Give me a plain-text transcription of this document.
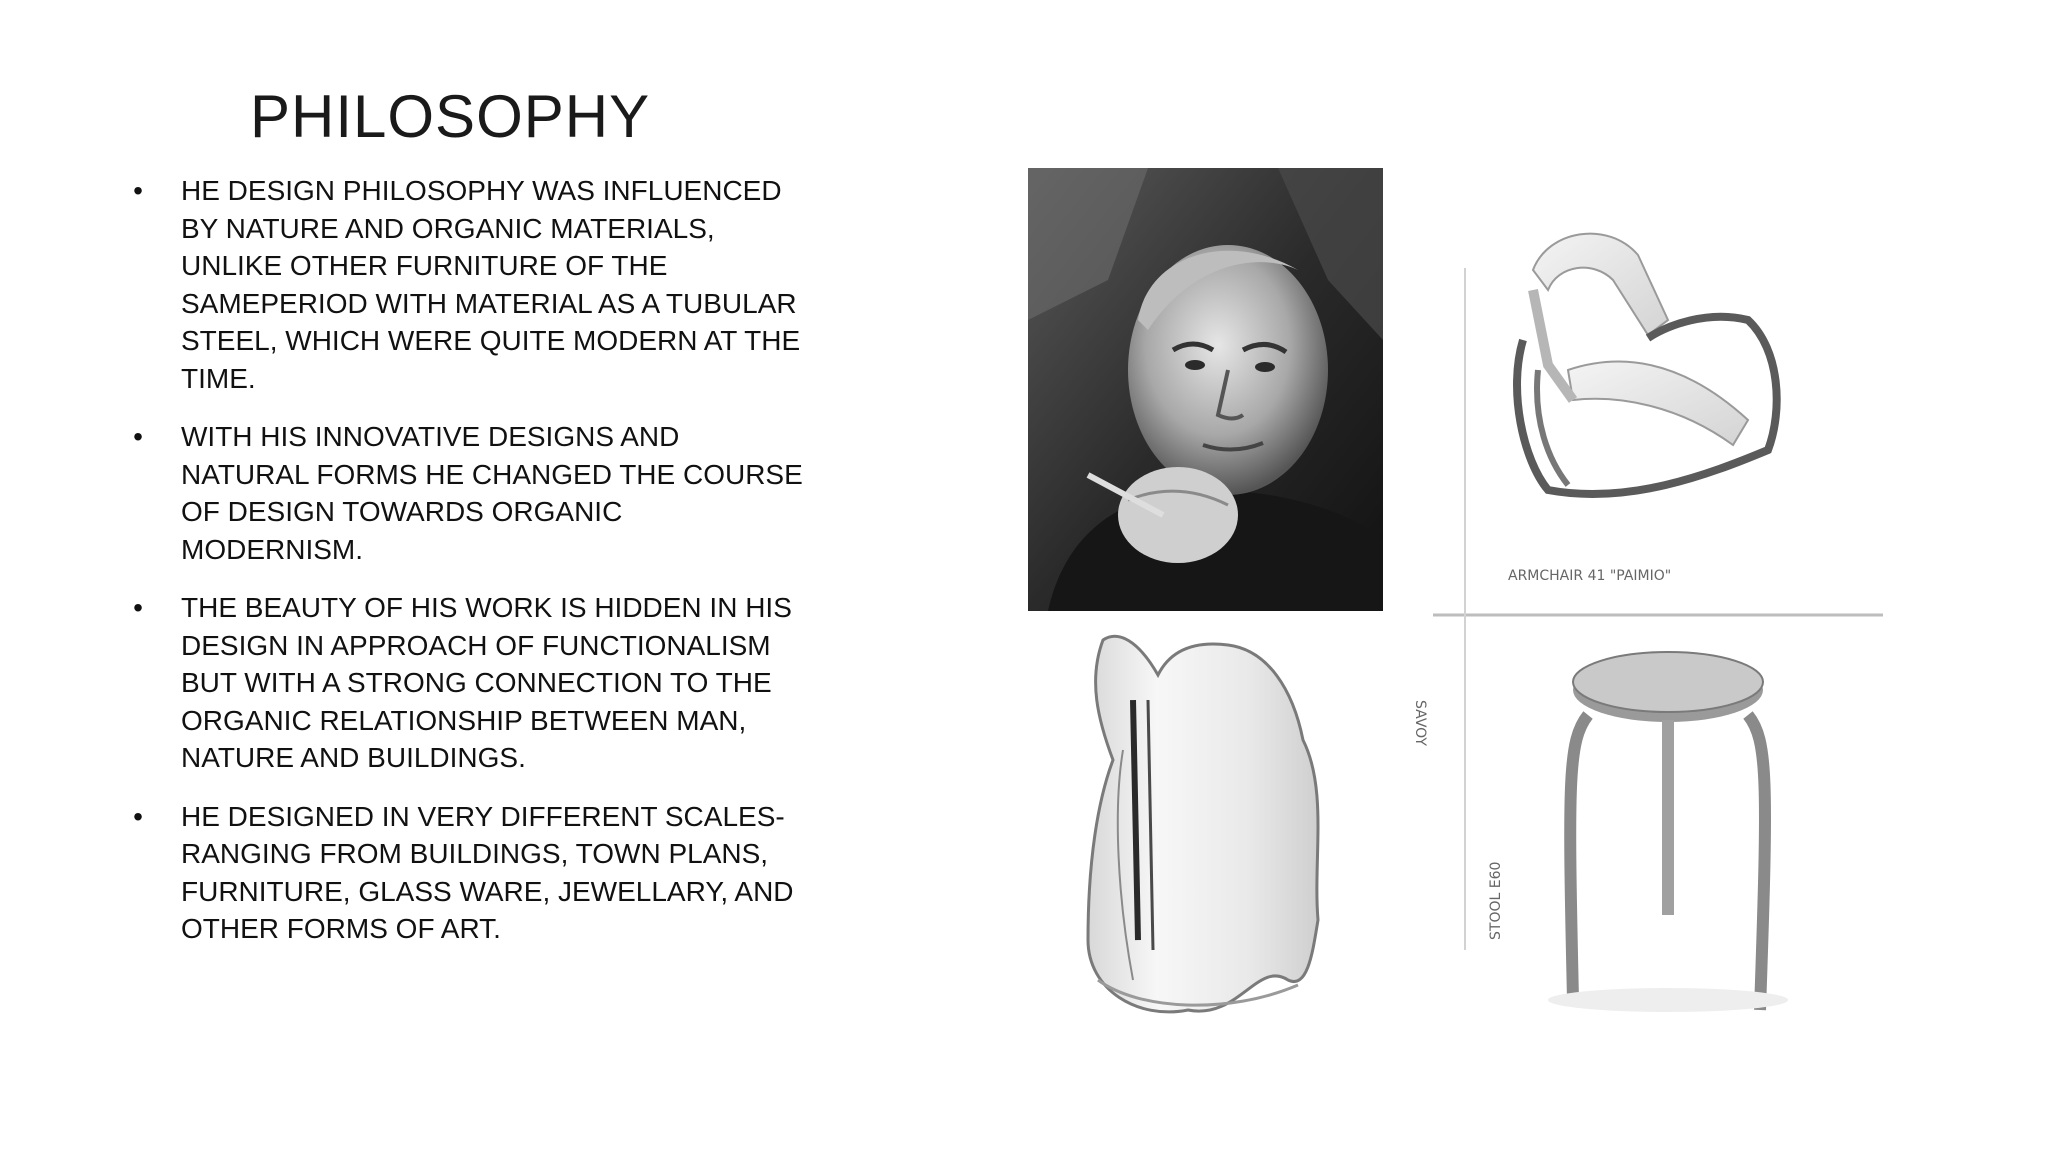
PHILOSOPHY
• HE DESIGN PHILOSOPHY WAS INFLUENCED
BY NATURE AND ORGANIC MATERIALS,
UNLIKE OTHER FURNITURE OF THE
SAMEPERIOD WITH MATERIAL AS A TUBULAR
STEEL, WHICH WERE QUITE MODERN AT THE
TIME.
• WITH HIS INNOVATIVE DESIGNS AND
NATURAL FORMS HE CHANGED THE COURSE
OF DESIGN TOWARDS ORGANIC
MODERNISM.
• THE BEAUTY OF HIS WORK IS HIDDEN IN HIS
DESIGN IN APPROACH OF FUNCTIONALISM
BUT WITH A STRONG CONNECTION TO THE
ORGANIC RELATIONSHIP BETWEEN MAN,
NATURE AND BUILDINGS.
• HE DESIGNED IN VERY DIFFERENT SCALES-
RANGING FROM BUILDINGS, TOWN PLANS,
FURNITURE, GLASS WARE, JEWELLARY, AND
OTHER FORMS OF ART.
ARMCHAIR 41 "PAIMIO"
SAVOY
STOOL E60
